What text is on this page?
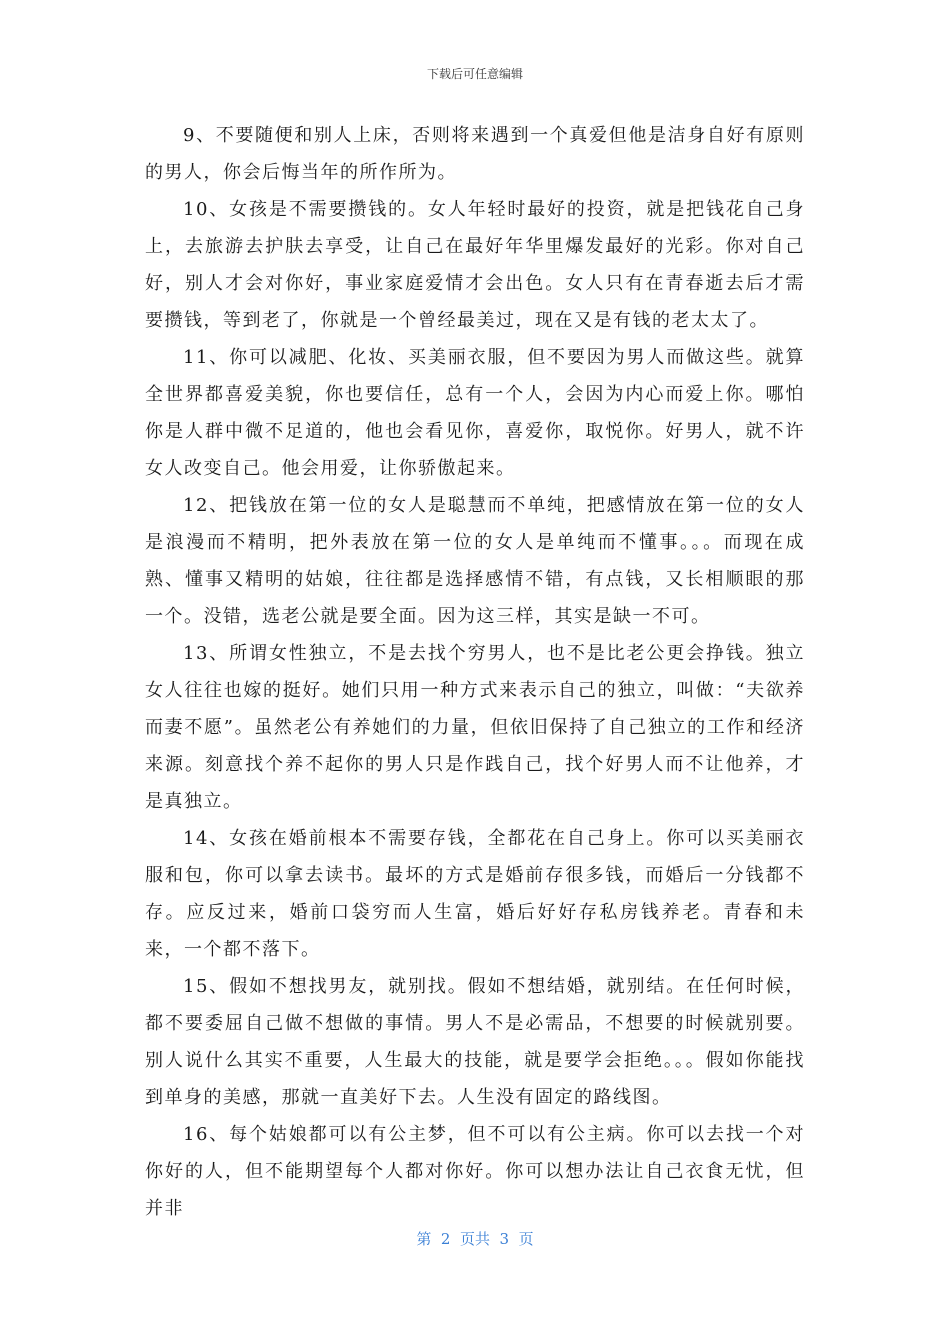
下载后可任意编辑

9、不要随便和别人上床，否则将来遇到一个真爱但他是洁身自好有原则的男人，你会后悔当年的所作所为。

10、女孩是不需要攒钱的。女人年轻时最好的投资，就是把钱花自己身上，去旅游去护肤去享受，让自己在最好年华里爆发最好的光彩。你对自己好，别人才会对你好，事业家庭爱情才会出色。女人只有在青春逝去后才需要攒钱，等到老了，你就是一个曾经最美过，现在又是有钱的老太太了。

11、你可以减肥、化妆、买美丽衣服，但不要因为男人而做这些。就算全世界都喜爱美貌，你也要信任，总有一个人，会因为内心而爱上你。哪怕你是人群中微不足道的，他也会看见你，喜爱你，取悦你。好男人，就不许女人改变自己。他会用爱，让你骄傲起来。

12、把钱放在第一位的女人是聪慧而不单纯，把感情放在第一位的女人是浪漫而不精明，把外表放在第一位的女人是单纯而不懂事。。。而现在成熟、懂事又精明的姑娘，往往都是选择感情不错，有点钱，又长相顺眼的那一个。没错，选老公就是要全面。因为这三样，其实是缺一不可。

13、所谓女性独立，不是去找个穷男人，也不是比老公更会挣钱。独立女人往往也嫁的挺好。她们只用一种方式来表示自己的独立，叫做：“夫欲养而妻不愿”。虽然老公有养她们的力量，但依旧保持了自己独立的工作和经济来源。刻意找个养不起你的男人只是作践自己，找个好男人而不让他养，才是真独立。

14、女孩在婚前根本不需要存钱，全都花在自己身上。你可以买美丽衣服和包，你可以拿去读书。最坏的方式是婚前存很多钱，而婚后一分钱都不存。应反过来，婚前口袋穷而人生富，婚后好好存私房钱养老。青春和未来，一个都不落下。

15、假如不想找男友，就别找。假如不想结婚，就别结。在任何时候，都不要委屈自己做不想做的事情。男人不是必需品，不想要的时候就别要。别人说什么其实不重要，人生最大的技能，就是要学会拒绝。。。假如你能找到单身的美感，那就一直美好下去。人生没有固定的路线图。

16、每个姑娘都可以有公主梦，但不可以有公主病。你可以去找一个对你好的人，但不能期望每个人都对你好。你可以想办法让自己衣食无忧，但并非

第  2  页共  3  页
